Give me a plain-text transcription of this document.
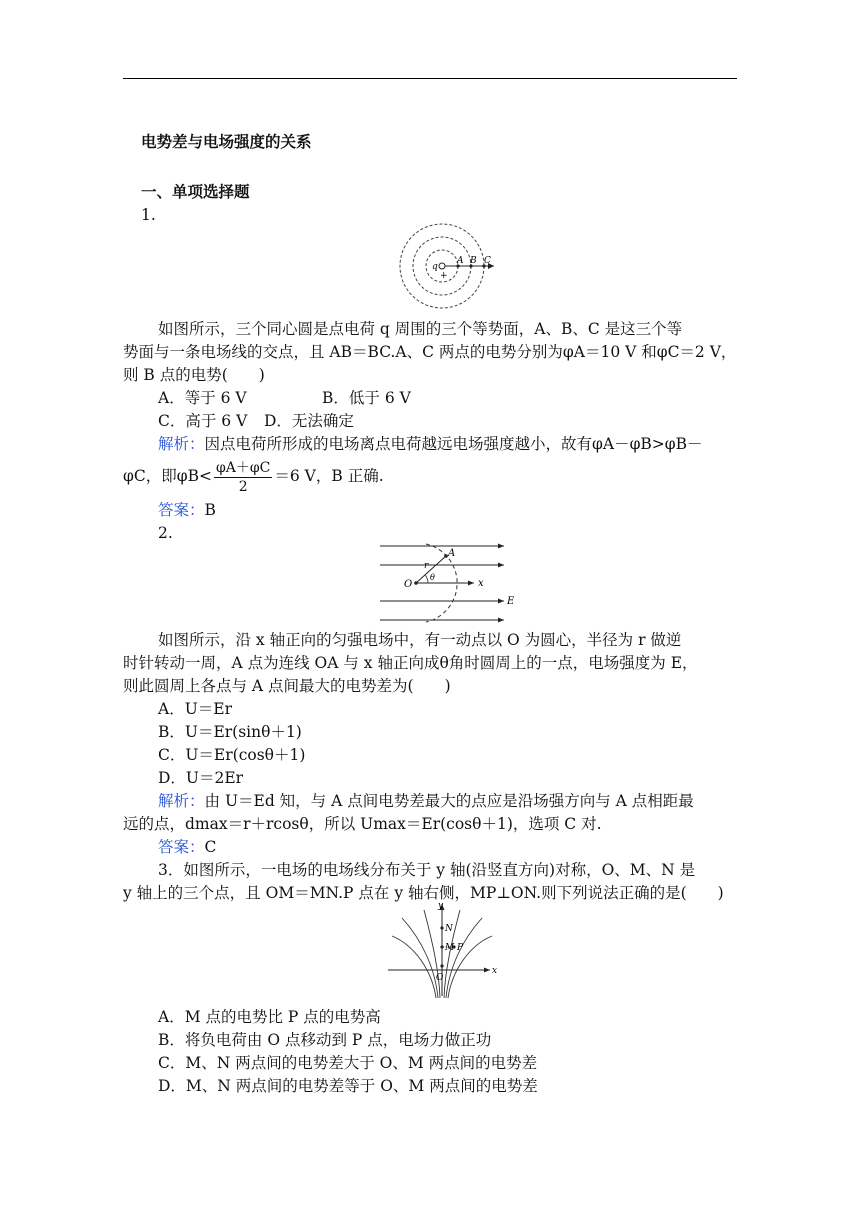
电势差与电场强度的关系
一、单项选择题
1.
q
+
A B C
如图所示，三个同心圆是点电荷 q 周围的三个等势面，A、B、C 是这三个等
势面与一条电场线的交点，且 AB＝BC.A、C 两点的电势分别为φA＝10 V 和φC＝2 V，
则 B 点的电势(　　)
A．等于 6 V	B．低于 6 V
C．高于 6 V D．无法确定
解析：因点电荷所形成的电场离点电荷越远电场强度越小，故有φA－φB>φB－
φC，即$\varphi B< \frac{\varphi A+\varphi C}{2} =6$ V，B 正确.
答案：B
2.
A
r
O
θ
x
E
如图所示，沿 x 轴正向的匀强电场中，有一动点以 O 为圆心，半径为 r 做逆
时针转动一周，A 点为连线 OA 与 x 轴正向成θ角时圆周上的一点，电场强度为 E，
则此圆周上各点与 A 点间最大的电势差为(　　)
A．U＝Er
B．U＝Er(sinθ＋1)
C．U＝Er(cosθ＋1)
D．U＝2Er
解析：由 U＝Ed 知，与 A 点间电势差最大的点应是沿场强方向与 A 点相距最
远的点，dmax＝r＋rcosθ，所以 Umax＝Er(cosθ＋1)，选项 C 对.
答案：C
3．如图所示，一电场的电场线分布关于 y 轴(沿竖直方向)对称，O、M、N 是
y 轴上的三个点，且 OM＝MN.P 点在 y 轴右侧，MP⊥ON.则下列说法正确的是(　　)
y
N
M P
O
x
A．M 点的电势比 P 点的电势高
B．将负电荷由 O 点移动到 P 点，电场力做正功
C．M、N 两点间的电势差大于 O、M 两点间的电势差
D．M、N 两点间的电势差等于 O、M 两点间的电势差
